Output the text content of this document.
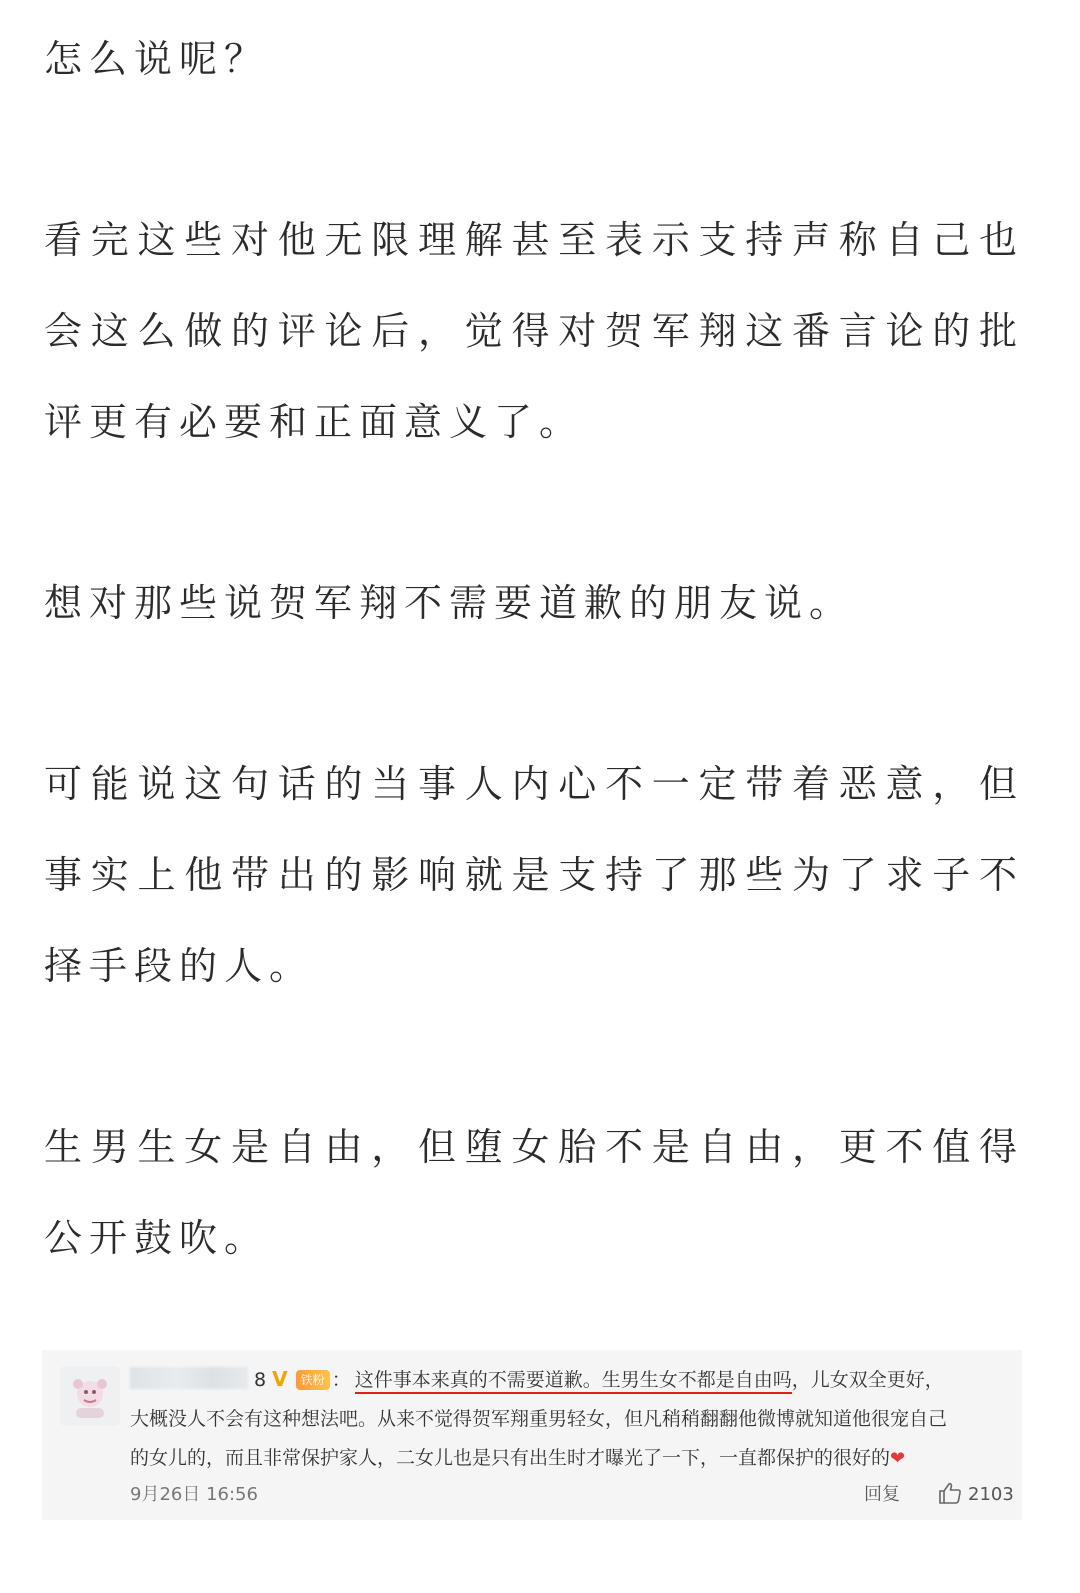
怎么说呢？

看完这些对他无限理解甚至表示支持声称自己也会这么做的评论后，觉得对贺军翔这番言论的批评更有必要和正面意义了。

想对那些说贺军翔不需要道歉的朋友说。

可能说这句话的当事人内心不一定带着恶意，但事实上他带出的影响就是支持了那些为了求子不择手段的人。

生男生女是自由，但堕女胎不是自由，更不值得公开鼓吹。

8 V 铁粉 ： 这件事本来真的不需要道歉。生男生女不都是自由吗，儿女双全更好，
大概没人不会有这种想法吧。从来不觉得贺军翔重男轻女，但凡稍稍翻翻他微博就知道他很宠自己
的女儿的，而且非常保护家人，二女儿也是只有出生时才曝光了一下，一直都保护的很好的❤
9月26日 16:56	回复	2103
